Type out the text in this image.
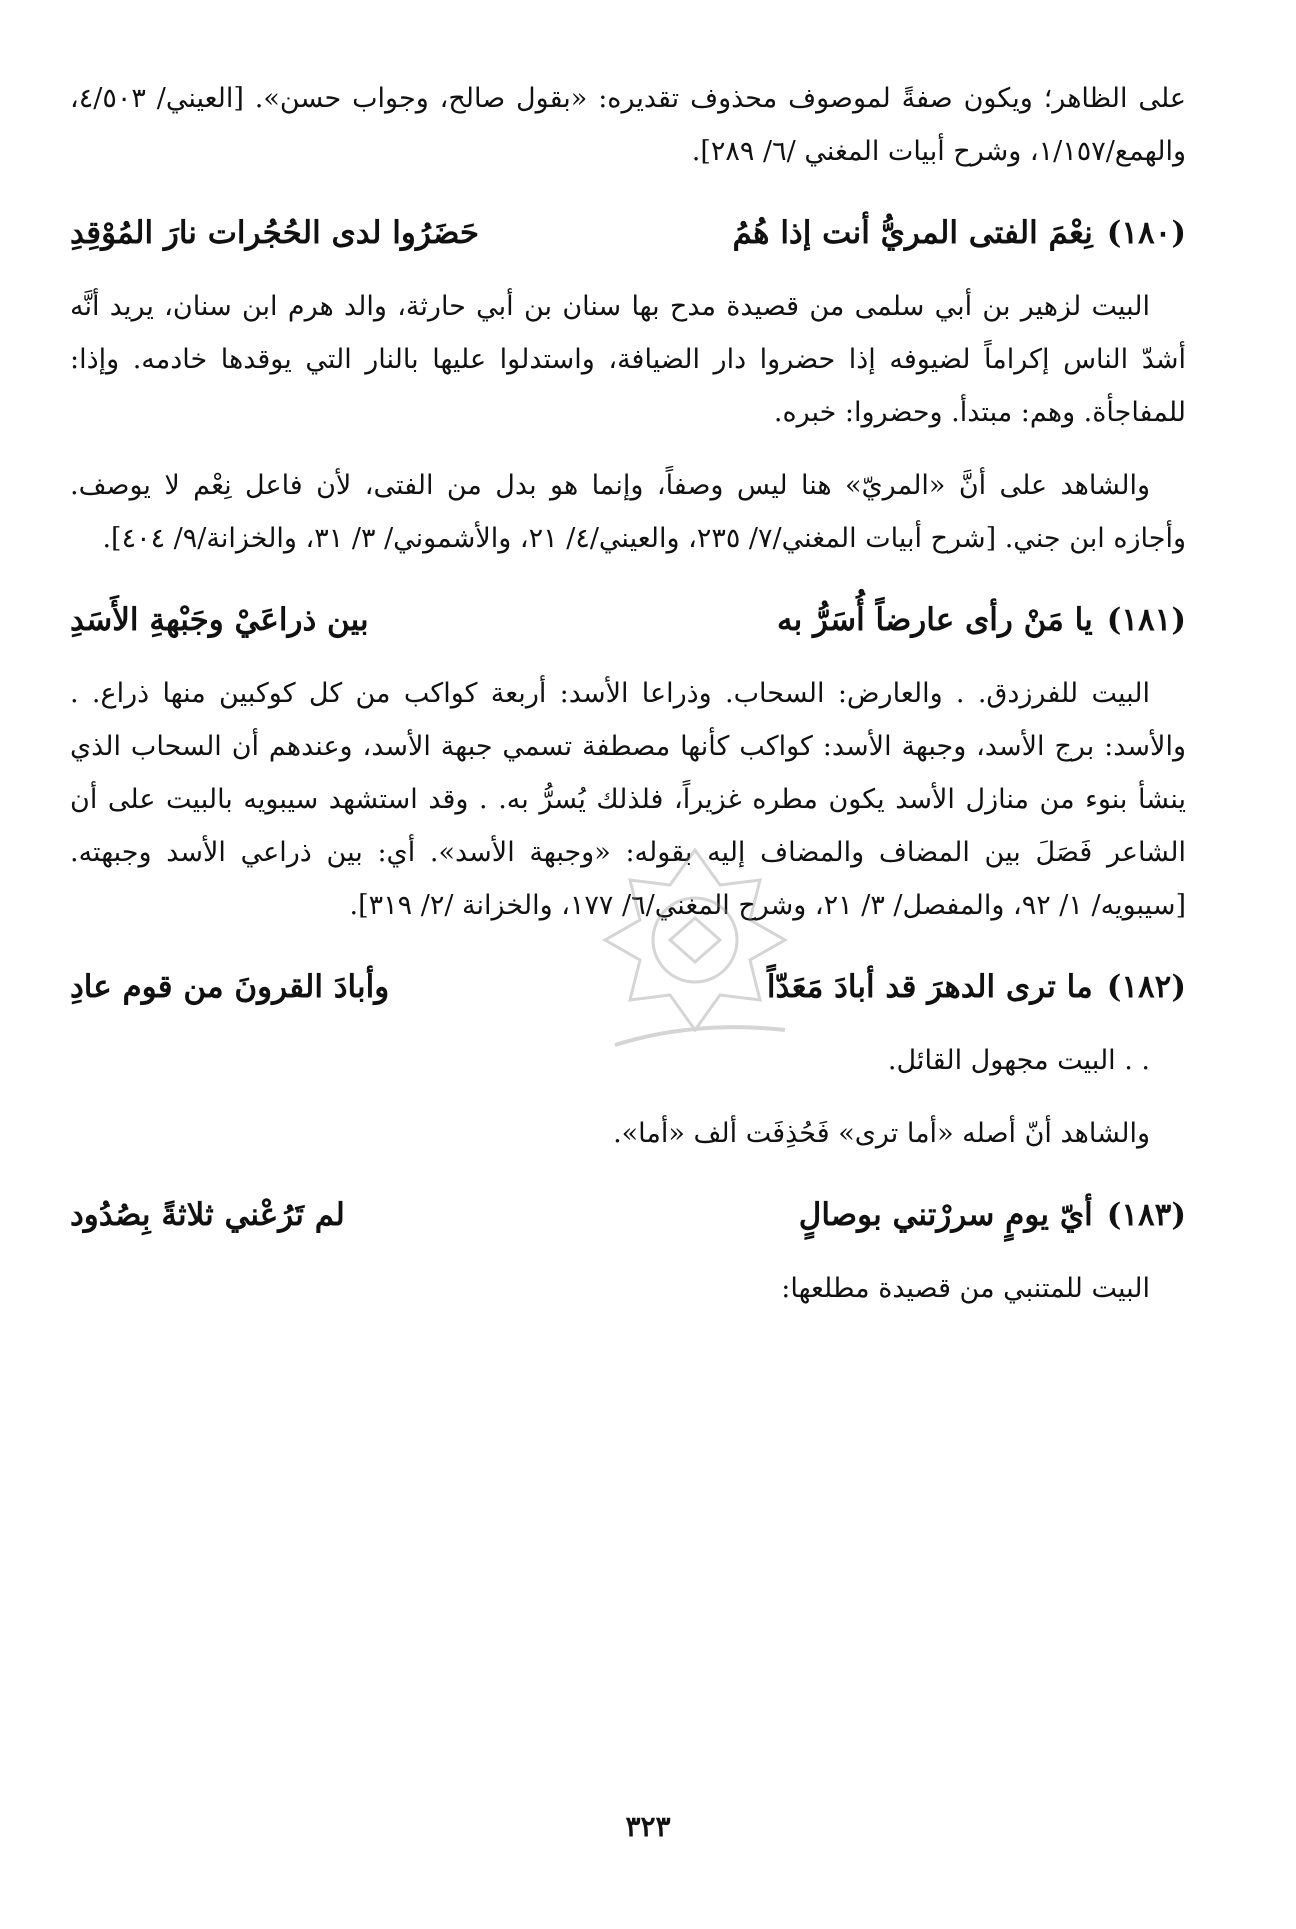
على الظاهر؛ ويكون صفةً لموصوف محذوف تقديره: «بقول صالح، وجواب حسن». [العيني/ ٤/٥٠٣، والهمع/١/١٥٧، وشرح أبيات المغني /٦/ ٢٨٩].

(١٨٠)
نِعْمَ الفتى المريُّ أنت إذا هُمُ
حَضَرُوا لدى الحُجُرات نارَ المُوْقِدِ

البيت لزهير بن أبي سلمى من قصيدة مدح بها سنان بن أبي حارثة، والد هرم ابن سنان، يريد أنَّه أشدّ الناس إكراماً لضيوفه إذا حضروا دار الضيافة، واستدلوا عليها بالنار التي يوقدها خادمه. وإذا: للمفاجأة. وهم: مبتدأ. وحضروا: خبره.

والشاهد على أنَّ «المريّ» هنا ليس وصفاً، وإنما هو بدل من الفتى، لأن فاعل نِعْم لا يوصف. وأجازه ابن جني. [شرح أبيات المغني/٧/ ٢٣٥، والعيني/٤/ ٢١، والأشموني/ ٣/ ٣١، والخزانة/٩/ ٤٠٤].

(١٨١)
يا مَنْ رأى عارضاً أُسَرُّ به
بين ذراعَيْ وجَبْهةِ الأَسَدِ

البيت للفرزدق. . والعارض: السحاب. وذراعا الأسد: أربعة كواكب من كل كوكبين منها ذراع. . والأسد: برج الأسد، وجبهة الأسد: كواكب كأنها مصطفة تسمي جبهة الأسد، وعندهم أن السحاب الذي ينشأ بنوء من منازل الأسد يكون مطره غزيراً، فلذلك يُسرُّ به. . وقد استشهد سيبويه بالبيت على أن الشاعر فَصَلَ بين المضاف والمضاف إليه بقوله: «وجبهة الأسد». أي: بين ذراعي الأسد وجبهته. [سيبويه/ ١/ ٩٢، والمفصل/ ٣/ ٢١، وشرح المغني/٦/ ١٧٧، والخزانة /٢/ ٣١٩].

(١٨٢)
ما ترى الدهرَ قد أبادَ مَعَدّاً
وأبادَ القرونَ من قوم عادِ

. . البيت مجهول القائل.

والشاهد أنّ أصله «أما ترى» فَحُذِفَت ألف «أما».

(١٨٣)
أيّ يومٍ سررْتني بوصالٍ
لم تَرُعْني ثلاثةً بِصُدُود

البيت للمتنبي من قصيدة مطلعها:

٣٢٣
